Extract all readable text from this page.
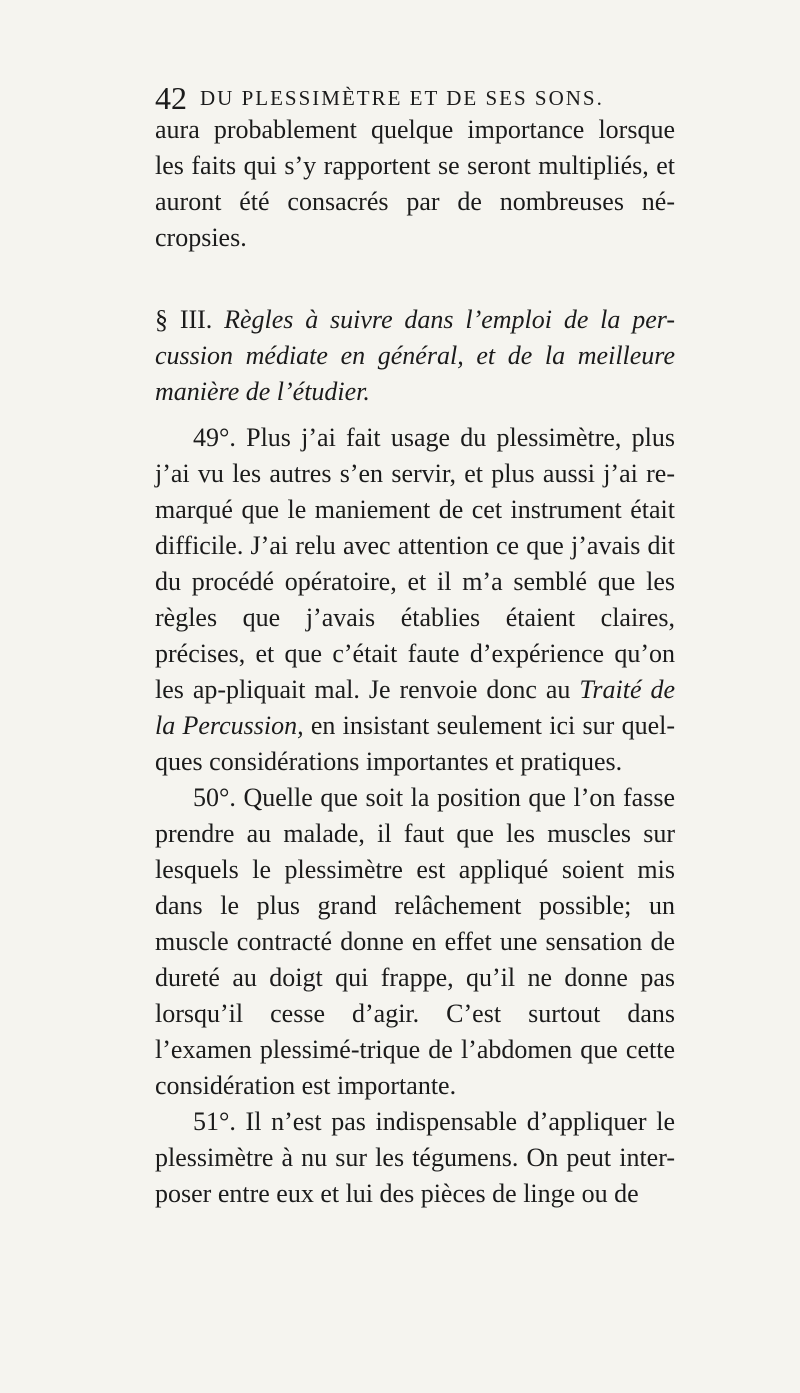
42 DU PLESSIMÈTRE ET DE SES SONS.

aura probablement quelque importance lorsque les faits qui s’y rapportent se seront multipliés, et auront été consacrés par de nombreuses né-cropsies.

§ III. Règles à suivre dans l’emploi de la per-cussion médiate en général, et de la meilleure manière de l’étudier.

49°. Plus j’ai fait usage du plessimètre, plus j’ai vu les autres s’en servir, et plus aussi j’ai re-marqué que le maniement de cet instrument était difficile. J’ai relu avec attention ce que j’avais dit du procédé opératoire, et il m’a semblé que les règles que j’avais établies étaient claires, précises, et que c’était faute d’expérience qu’on les ap-pliquait mal. Je renvoie donc au Traité de la Percussion, en insistant seulement ici sur quel-ques considérations importantes et pratiques.

50°. Quelle que soit la position que l’on fasse prendre au malade, il faut que les muscles sur lesquels le plessimètre est appliqué soient mis dans le plus grand relâchement possible; un muscle contracté donne en effet une sensation de dureté au doigt qui frappe, qu’il ne donne pas lorsqu’il cesse d’agir. C’est surtout dans l’examen plessimé-trique de l’abdomen que cette considération est importante.

51°. Il n’est pas indispensable d’appliquer le plessimètre à nu sur les tégumens. On peut inter-poser entre eux et lui des pièces de linge ou de
